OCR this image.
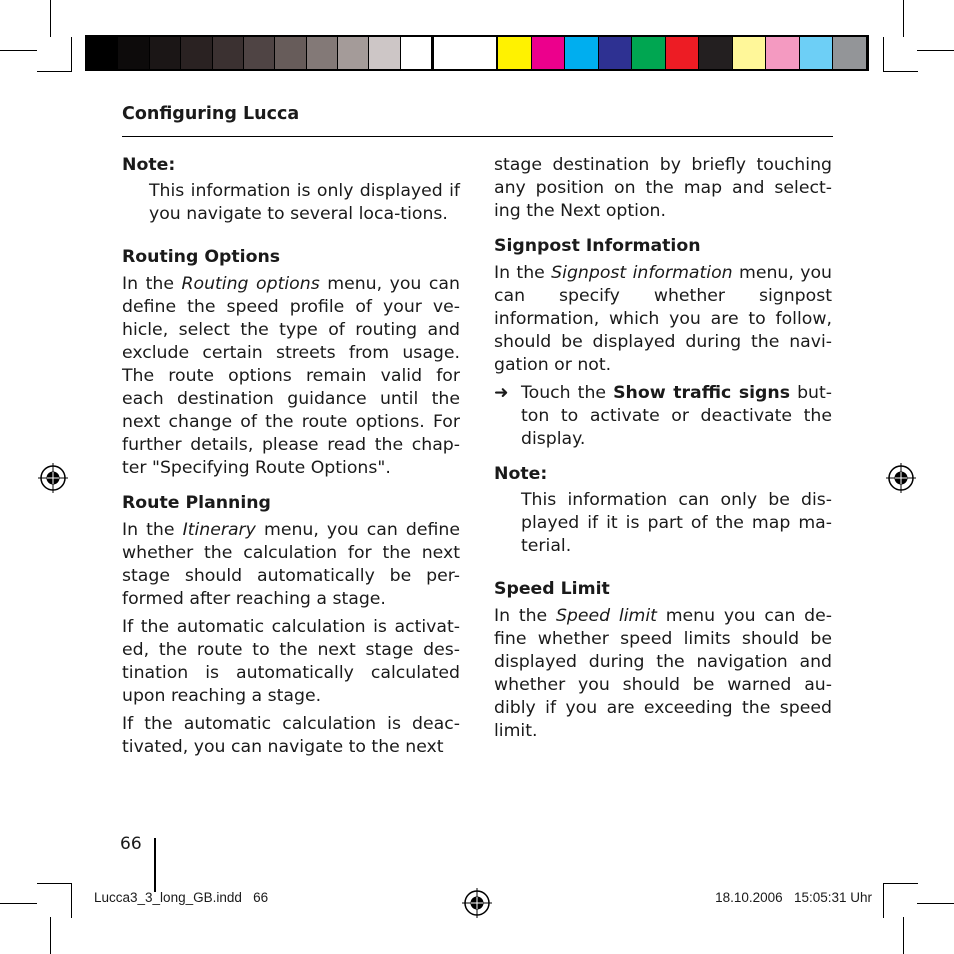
Configuring Lucca

Note:

This information is only displayed if you navigate to several loca-tions.

Routing Options

In the Routing options menu, you can define the speed profile of your ve-hicle, select the type of routing and exclude certain streets from usage. The route options remain valid for each destination guidance until the next change of the route options. For further details, please read the chap-ter "Specifying Route Options".

Route Planning

In the Itinerary menu, you can define whether the calculation for the next stage should automatically be per-formed after reaching a stage.

If the automatic calculation is activat-ed, the route to the next stage des-tination is automatically calculated upon reaching a stage.

If the automatic calculation is deac-tivated, you can navigate to the next

stage destination by briefly touching any position on the map and select-ing the Next option.

Signpost Information

In the Signpost information menu, you can specify whether signpost information, which you are to follow, should be displayed during the navi-gation or not.

➜ Touch the Show traffic signs but-ton to activate or deactivate the display.

Note:

This information can only be dis-played if it is part of the map ma-terial.

Speed Limit

In the Speed limit menu you can de-fine whether speed limits should be displayed during the navigation and whether you should be warned au-dibly if you are exceeding the speed limit.

66
Lucca3_3_long_GB.indd   66	18.10.2006   15:05:31 Uhr
